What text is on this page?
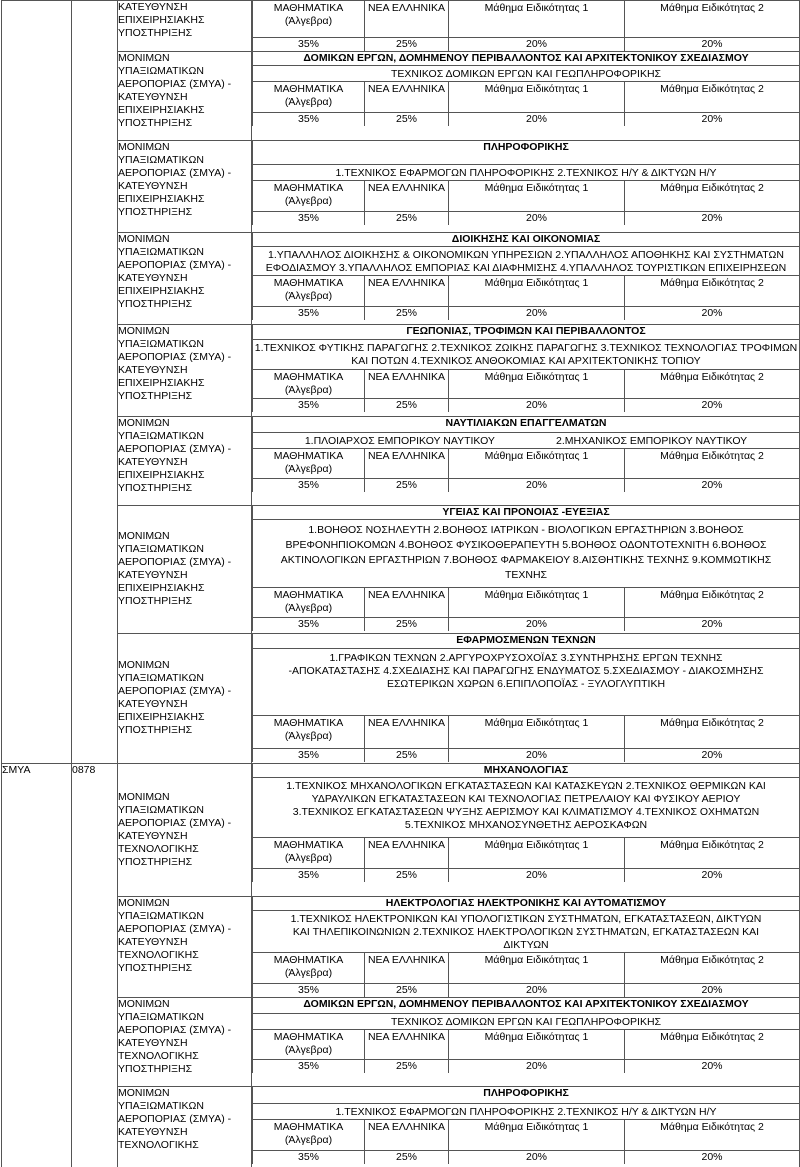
		ΚΑΤΕΥΘΥΝΣΗ ΕΠΙΧΕΙΡΗΣΙΑΚΗΣ ΥΠΟΣΤΗΡΙΞΗΣ	
ΜΑΘΗΜΑΤΙΚΑ (Άλγεβρα)	ΝΕΑ ΕΛΛΗΝΙΚΑ	Μάθημα Ειδικότητας 1	Μάθημα Ειδικότητας 2
35%	25%	20%	20%

ΜΟΝΙΜΩΝ ΥΠΑΞΙΩΜΑΤΙΚΩΝ ΑΕΡΟΠΟΡΙΑΣ (ΣΜΥΑ) - ΚΑΤΕΥΘΥΝΣΗ ΕΠΙΧΕΙΡΗΣΙΑΚΗΣ ΥΠΟΣΤΗΡΙΞΗΣ	
ΔΟΜΙΚΩΝ ΕΡΓΩΝ, ΔΟΜΗΜΕΝΟΥ ΠΕΡΙΒΑΛΛΟΝΤΟΣ ΚΑΙ ΑΡΧΙΤΕΚΤΟΝΙΚΟΥ ΣΧΕΔΙΑΣΜΟΥ
ΤΕΧΝΙΚΟΣ ΔΟΜΙΚΩΝ ΕΡΓΩΝ ΚΑΙ ΓΕΩΠΛΗΡΟΦΟΡΙΚΗΣ
ΜΑΘΗΜΑΤΙΚΑ (Άλγεβρα)	ΝΕΑ ΕΛΛΗΝΙΚΑ	Μάθημα Ειδικότητας 1	Μάθημα Ειδικότητας 2
35%	25%	20%	20%

ΜΟΝΙΜΩΝ ΥΠΑΞΙΩΜΑΤΙΚΩΝ ΑΕΡΟΠΟΡΙΑΣ (ΣΜΥΑ) - ΚΑΤΕΥΘΥΝΣΗ ΕΠΙΧΕΙΡΗΣΙΑΚΗΣ ΥΠΟΣΤΗΡΙΞΗΣ	
ΠΛΗΡΟΦΟΡΙΚΗΣ
1.ΤΕΧΝΙΚΟΣ ΕΦΑΡΜΟΓΩΝ ΠΛΗΡΟΦΟΡΙΚΗΣ 2.ΤΕΧΝΙΚΟΣ Η/Υ & ΔΙΚΤΥΩΝ Η/Υ
ΜΑΘΗΜΑΤΙΚΑ (Άλγεβρα)	ΝΕΑ ΕΛΛΗΝΙΚΑ	Μάθημα Ειδικότητας 1	Μάθημα Ειδικότητας 2
35%	25%	20%	20%

ΜΟΝΙΜΩΝ ΥΠΑΞΙΩΜΑΤΙΚΩΝ ΑΕΡΟΠΟΡΙΑΣ (ΣΜΥΑ) - ΚΑΤΕΥΘΥΝΣΗ ΕΠΙΧΕΙΡΗΣΙΑΚΗΣ ΥΠΟΣΤΗΡΙΞΗΣ	
ΔΙΟΙΚΗΣΗΣ ΚΑΙ ΟΙΚΟΝΟΜΙΑΣ
1.ΥΠΑΛΛΗΛΟΣ ΔΙΟΙΚΗΣΗΣ & ΟΙΚΟΝΟΜΙΚΩΝ ΥΠΗΡΕΣΙΩΝ 2.ΥΠΑΛΛΗΛΟΣ ΑΠΟΘΗΚΗΣ ΚΑΙ ΣΥΣΤΗΜΑΤΩΝ ΕΦΟΔΙΑΣΜΟΥ 3.ΥΠΑΛΛΗΛΟΣ ΕΜΠΟΡΙΑΣ ΚΑΙ ΔΙΑΦΗΜΙΣΗΣ 4.ΥΠΑΛΛΗΛΟΣ ΤΟΥΡΙΣΤΙΚΩΝ ΕΠΙΧΕΙΡΗΣΕΩΝ
ΜΑΘΗΜΑΤΙΚΑ (Άλγεβρα)	ΝΕΑ ΕΛΛΗΝΙΚΑ	Μάθημα Ειδικότητας 1	Μάθημα Ειδικότητας 2
35%	25%	20%	20%

ΜΟΝΙΜΩΝ ΥΠΑΞΙΩΜΑΤΙΚΩΝ ΑΕΡΟΠΟΡΙΑΣ (ΣΜΥΑ) - ΚΑΤΕΥΘΥΝΣΗ ΕΠΙΧΕΙΡΗΣΙΑΚΗΣ ΥΠΟΣΤΗΡΙΞΗΣ	
ΓΕΩΠΟΝΙΑΣ, ΤΡΟΦΙΜΩΝ ΚΑΙ ΠΕΡΙΒΑΛΛΟΝΤΟΣ
1.ΤΕΧΝΙΚΟΣ ΦΥΤΙΚΗΣ ΠΑΡΑΓΩΓΗΣ 2.ΤΕΧΝΙΚΟΣ ΖΩΙΚΗΣ ΠΑΡΑΓΩΓΗΣ 3.ΤΕΧΝΙΚΟΣ ΤΕΧΝΟΛΟΓΙΑΣ ΤΡΟΦΙΜΩΝ ΚΑΙ ΠΟΤΩΝ 4.ΤΕΧΝΙΚΟΣ ΑΝΘΟΚΟΜΙΑΣ ΚΑΙ ΑΡΧΙΤΕΚΤΟΝΙΚΗΣ ΤΟΠΙΟΥ
ΜΑΘΗΜΑΤΙΚΑ (Άλγεβρα)	ΝΕΑ ΕΛΛΗΝΙΚΑ	Μάθημα Ειδικότητας 1	Μάθημα Ειδικότητας 2
35%	25%	20%	20%

ΜΟΝΙΜΩΝ ΥΠΑΞΙΩΜΑΤΙΚΩΝ ΑΕΡΟΠΟΡΙΑΣ (ΣΜΥΑ) - ΚΑΤΕΥΘΥΝΣΗ ΕΠΙΧΕΙΡΗΣΙΑΚΗΣ ΥΠΟΣΤΗΡΙΞΗΣ	
ΝΑΥΤΙΛΙΑΚΩΝ ΕΠΑΓΓΕΛΜΑΤΩΝ
1.ΠΛΟΙΑΡΧΟΣ ΕΜΠΟΡΙΚΟΥ ΝΑΥΤΙΚΟΥ                     2.ΜΗΧΑΝΙΚΟΣ ΕΜΠΟΡΙΚΟΥ ΝΑΥΤΙΚΟΥ
ΜΑΘΗΜΑΤΙΚΑ (Άλγεβρα)	ΝΕΑ ΕΛΛΗΝΙΚΑ	Μάθημα Ειδικότητας 1	Μάθημα Ειδικότητας 2
35%	25%	20%	20%

ΜΟΝΙΜΩΝ ΥΠΑΞΙΩΜΑΤΙΚΩΝ ΑΕΡΟΠΟΡΙΑΣ (ΣΜΥΑ) - ΚΑΤΕΥΘΥΝΣΗ ΕΠΙΧΕΙΡΗΣΙΑΚΗΣ ΥΠΟΣΤΗΡΙΞΗΣ	
ΥΓΕΙΑΣ ΚΑΙ ΠΡΟΝΟΙΑΣ -ΕΥΕΞΙΑΣ
1.ΒΟΗΘΟΣ ΝΟΣΗΛΕΥΤΗ 2.ΒΟΗΘΟΣ ΙΑΤΡΙΚΩΝ - ΒΙΟΛΟΓΙΚΩΝ ΕΡΓΑΣΤΗΡΙΩΝ 3.ΒΟΗΘΟΣ ΒΡΕΦΟΝΗΠΙΟΚΟΜΩΝ 4.ΒΟΗΘΟΣ ΦΥΣΙΚΟΘΕΡΑΠΕΥΤΗ 5.ΒΟΗΘΟΣ ΟΔΟΝΤΟΤΕΧΝΙΤΗ 6.ΒΟΗΘΟΣ ΑΚΤΙΝΟΛΟΓΙΚΩΝ ΕΡΓΑΣΤΗΡΙΩΝ 7.ΒΟΗΘΟΣ ΦΑΡΜΑΚΕΙΟΥ 8.ΑΙΣΘΗΤΙΚΗΣ ΤΕΧΝΗΣ 9.ΚΟΜΜΩΤΙΚΗΣ ΤΕΧΝΗΣ
ΜΑΘΗΜΑΤΙΚΑ (Άλγεβρα)	ΝΕΑ ΕΛΛΗΝΙΚΑ	Μάθημα Ειδικότητας 1	Μάθημα Ειδικότητας 2
35%	25%	20%	20%

ΜΟΝΙΜΩΝ ΥΠΑΞΙΩΜΑΤΙΚΩΝ ΑΕΡΟΠΟΡΙΑΣ (ΣΜΥΑ) - ΚΑΤΕΥΘΥΝΣΗ ΕΠΙΧΕΙΡΗΣΙΑΚΗΣ ΥΠΟΣΤΗΡΙΞΗΣ	
ΕΦΑΡΜΟΣΜΕΝΩΝ ΤΕΧΝΩΝ
1.ΓΡΑΦΙΚΩΝ ΤΕΧΝΩΝ 2.ΑΡΓΥΡΟΧΡΥΣΟΧΟΪΑΣ 3.ΣΥΝΤΗΡΗΣΗΣ ΕΡΓΩΝ ΤΕΧΝΗΣ -ΑΠΟΚΑΤΑΣΤΑΣΗΣ 4.ΣΧΕΔΙΑΣΗΣ ΚΑΙ ΠΑΡΑΓΩΓΗΣ ΕΝΔΥΜΑΤΟΣ 5.ΣΧΕΔΙΑΣΜΟΥ - ΔΙΑΚΟΣΜΗΣΗΣ ΕΣΩΤΕΡΙΚΩΝ ΧΩΡΩΝ 6.ΕΠΙΠΛΟΠΟΪΑΣ - ΞΥΛΟΓΛΥΠΤΙΚΗ
ΜΑΘΗΜΑΤΙΚΑ (Άλγεβρα)	ΝΕΑ ΕΛΛΗΝΙΚΑ	Μάθημα Ειδικότητας 1	Μάθημα Ειδικότητας 2
35%	25%	20%	20%

ΣΜΥΑ	0878	ΜΟΝΙΜΩΝ ΥΠΑΞΙΩΜΑΤΙΚΩΝ ΑΕΡΟΠΟΡΙΑΣ (ΣΜΥΑ) - ΚΑΤΕΥΘΥΝΣΗ ΤΕΧΝΟΛΟΓΙΚΗΣ ΥΠΟΣΤΗΡΙΞΗΣ	
ΜΗΧΑΝΟΛΟΓΙΑΣ
1.ΤΕΧΝΙΚΟΣ ΜΗΧΑΝΟΛΟΓΙΚΩΝ ΕΓΚΑΤΑΣΤΑΣΕΩΝ ΚΑΙ ΚΑΤΑΣΚΕΥΩΝ 2.ΤΕΧΝΙΚΟΣ ΘΕΡΜΙΚΩΝ ΚΑΙ ΥΔΡΑΥΛΙΚΩΝ ΕΓΚΑΤΑΣΤΑΣΕΩΝ ΚΑΙ ΤΕΧΝΟΛΟΓΙΑΣ ΠΕΤΡΕΛΑΙΟΥ ΚΑΙ ΦΥΣΙΚΟΥ ΑΕΡΙΟΥ 3.ΤΕΧΝΙΚΟΣ ΕΓΚΑΤΑΣΤΑΣΕΩΝ ΨΥΞΗΣ ΑΕΡΙΣΜΟΥ ΚΑΙ ΚΛΙΜΑΤΙΣΜΟΥ 4.ΤΕΧΝΙΚΟΣ ΟΧΗΜΑΤΩΝ 5.ΤΕΧΝΙΚΟΣ ΜΗΧΑΝΟΣΥΝΘΕΤΗΣ ΑΕΡΟΣΚΑΦΩΝ
ΜΑΘΗΜΑΤΙΚΑ (Άλγεβρα)	ΝΕΑ ΕΛΛΗΝΙΚΑ	Μάθημα Ειδικότητας 1	Μάθημα Ειδικότητας 2
35%	25%	20%	20%

ΜΟΝΙΜΩΝ ΥΠΑΞΙΩΜΑΤΙΚΩΝ ΑΕΡΟΠΟΡΙΑΣ (ΣΜΥΑ) - ΚΑΤΕΥΘΥΝΣΗ ΤΕΧΝΟΛΟΓΙΚΗΣ ΥΠΟΣΤΗΡΙΞΗΣ	
ΗΛΕΚΤΡΟΛΟΓΙΑΣ ΗΛΕΚΤΡΟΝΙΚΗΣ ΚΑΙ ΑΥΤΟΜΑΤΙΣΜΟΥ
1.ΤΕΧΝΙΚΟΣ ΗΛΕΚΤΡΟΝΙΚΩΝ ΚΑΙ ΥΠΟΛΟΓΙΣΤΙΚΩΝ ΣΥΣΤΗΜΑΤΩΝ, ΕΓΚΑΤΑΣΤΑΣΕΩΝ, ΔΙΚΤΥΩΝ ΚΑΙ ΤΗΛΕΠΙΚΟΙΝΩΝΙΩΝ 2.ΤΕΧΝΙΚΟΣ ΗΛΕΚΤΡΟΛΟΓΙΚΩΝ ΣΥΣΤΗΜΑΤΩΝ, ΕΓΚΑΤΑΣΤΑΣΕΩΝ ΚΑΙ ΔΙΚΤΥΩΝ
ΜΑΘΗΜΑΤΙΚΑ (Άλγεβρα)	ΝΕΑ ΕΛΛΗΝΙΚΑ	Μάθημα Ειδικότητας 1	Μάθημα Ειδικότητας 2
35%	25%	20%	20%

ΜΟΝΙΜΩΝ ΥΠΑΞΙΩΜΑΤΙΚΩΝ ΑΕΡΟΠΟΡΙΑΣ (ΣΜΥΑ) - ΚΑΤΕΥΘΥΝΣΗ ΤΕΧΝΟΛΟΓΙΚΗΣ ΥΠΟΣΤΗΡΙΞΗΣ	
ΔΟΜΙΚΩΝ ΕΡΓΩΝ, ΔΟΜΗΜΕΝΟΥ ΠΕΡΙΒΑΛΛΟΝΤΟΣ ΚΑΙ ΑΡΧΙΤΕΚΤΟΝΙΚΟΥ ΣΧΕΔΙΑΣΜΟΥ
ΤΕΧΝΙΚΟΣ ΔΟΜΙΚΩΝ ΕΡΓΩΝ ΚΑΙ ΓΕΩΠΛΗΡΟΦΟΡΙΚΗΣ
ΜΑΘΗΜΑΤΙΚΑ (Άλγεβρα)	ΝΕΑ ΕΛΛΗΝΙΚΑ	Μάθημα Ειδικότητας 1	Μάθημα Ειδικότητας 2
35%	25%	20%	20%

ΜΟΝΙΜΩΝ ΥΠΑΞΙΩΜΑΤΙΚΩΝ ΑΕΡΟΠΟΡΙΑΣ (ΣΜΥΑ) - ΚΑΤΕΥΘΥΝΣΗ ΤΕΧΝΟΛΟΓΙΚΗΣ	
ΠΛΗΡΟΦΟΡΙΚΗΣ
1.ΤΕΧΝΙΚΟΣ ΕΦΑΡΜΟΓΩΝ ΠΛΗΡΟΦΟΡΙΚΗΣ 2.ΤΕΧΝΙΚΟΣ Η/Υ & ΔΙΚΤΥΩΝ Η/Υ
ΜΑΘΗΜΑΤΙΚΑ (Άλγεβρα)	ΝΕΑ ΕΛΛΗΝΙΚΑ	Μάθημα Ειδικότητας 1	Μάθημα Ειδικότητας 2
35%	25%	20%	20%
